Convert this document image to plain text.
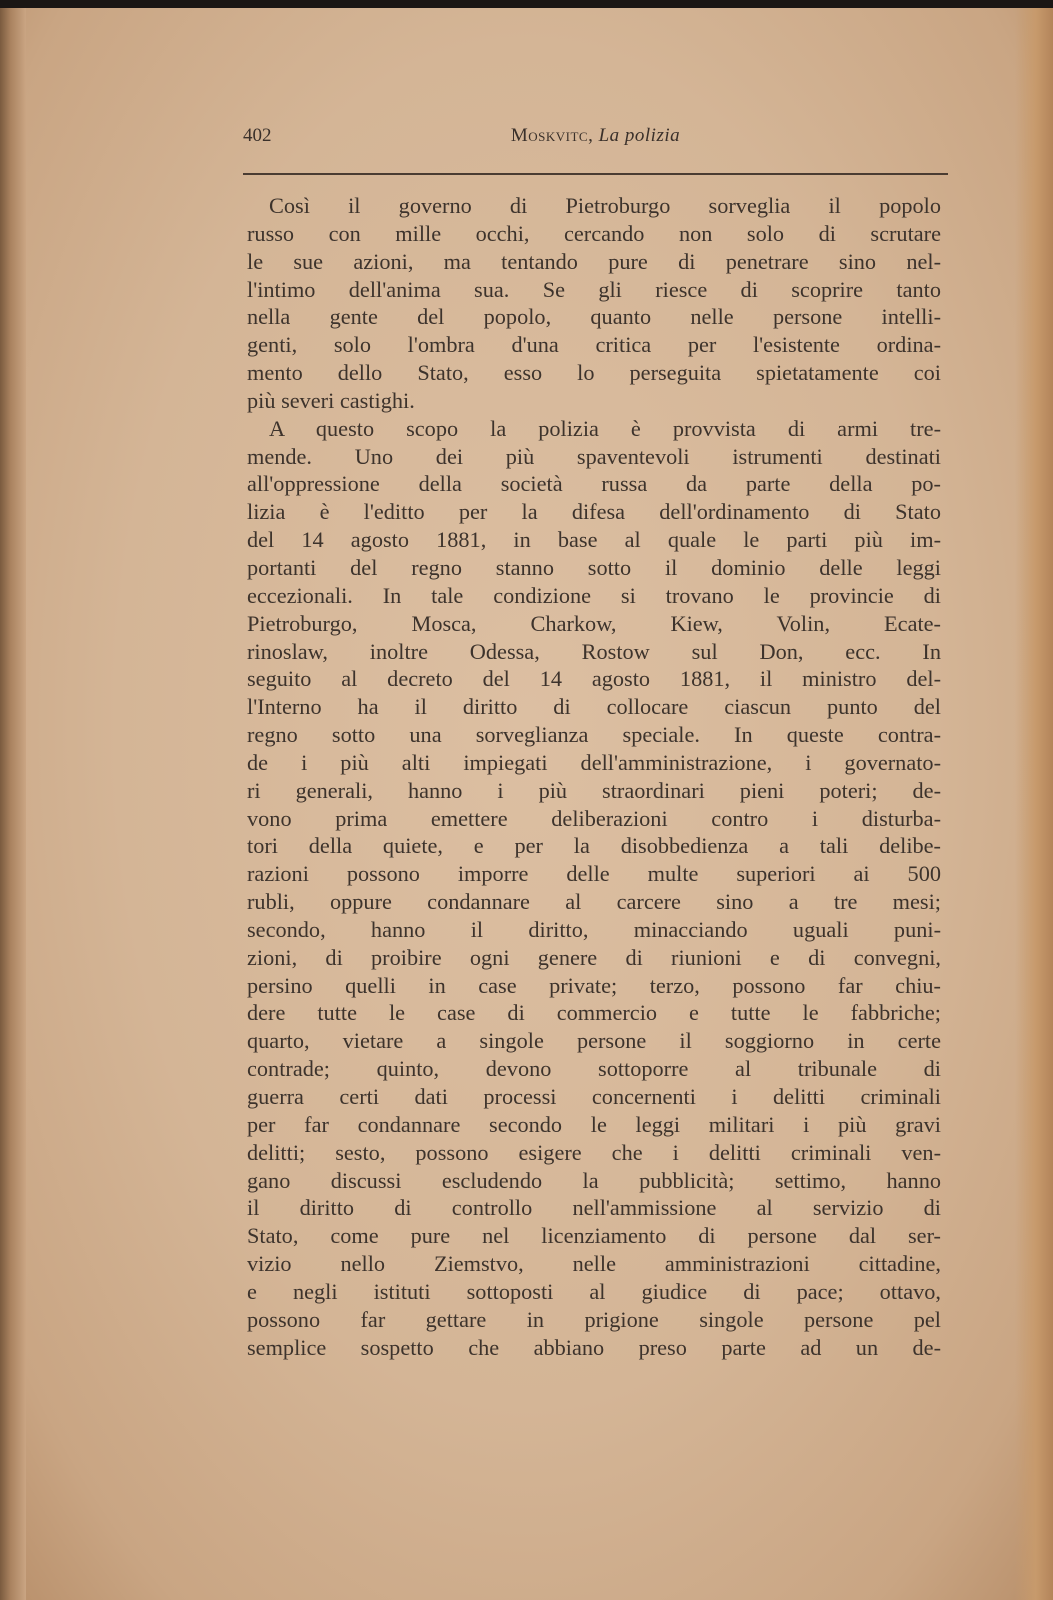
402	Moskvitc, La polizia
Così il governo di Pietroburgo sorveglia il popolo
russo con mille occhi, cercando non solo di scrutare
le sue azioni, ma tentando pure di penetrare sino nel-
l'intimo dell'anima sua. Se gli riesce di scoprire tanto
nella gente del popolo, quanto nelle persone intelli-
genti, solo l'ombra d'una critica per l'esistente ordina-
mento dello Stato, esso lo perseguita spietatamente coi
più severi castighi.
A questo scopo la polizia è provvista di armi tre-
mende. Uno dei più spaventevoli istrumenti destinati
all'oppressione della società russa da parte della po-
lizia è l'editto per la difesa dell'ordinamento di Stato
del 14 agosto 1881, in base al quale le parti più im-
portanti del regno stanno sotto il dominio delle leggi
eccezionali. In tale condizione si trovano le provincie di
Pietroburgo, Mosca, Charkow, Kiew, Volin, Ecate-
rinoslaw, inoltre Odessa, Rostow sul Don, ecc. In
seguito al decreto del 14 agosto 1881, il ministro del-
l'Interno ha il diritto di collocare ciascun punto del
regno sotto una sorveglianza speciale. In queste contra-
de i più alti impiegati dell'amministrazione, i governato-
ri generali, hanno i più straordinari pieni poteri; de-
vono prima emettere deliberazioni contro i disturba-
tori della quiete, e per la disobbedienza a tali delibe-
razioni possono imporre delle multe superiori ai 500
rubli, oppure condannare al carcere sino a tre mesi;
secondo, hanno il diritto, minacciando uguali puni-
zioni, di proibire ogni genere di riunioni e di convegni,
persino quelli in case private; terzo, possono far chiu-
dere tutte le case di commercio e tutte le fabbriche;
quarto, vietare a singole persone il soggiorno in certe
contrade; quinto, devono sottoporre al tribunale di
guerra certi dati processi concernenti i delitti criminali
per far condannare secondo le leggi militari i più gravi
delitti; sesto, possono esigere che i delitti criminali ven-
gano discussi escludendo la pubblicità; settimo, hanno
il diritto di controllo nell'ammissione al servizio di
Stato, come pure nel licenziamento di persone dal ser-
vizio nello Ziemstvo, nelle amministrazioni cittadine,
e negli istituti sottoposti al giudice di pace; ottavo,
possono far gettare in prigione singole persone pel
semplice sospetto che abbiano preso parte ad un de-
